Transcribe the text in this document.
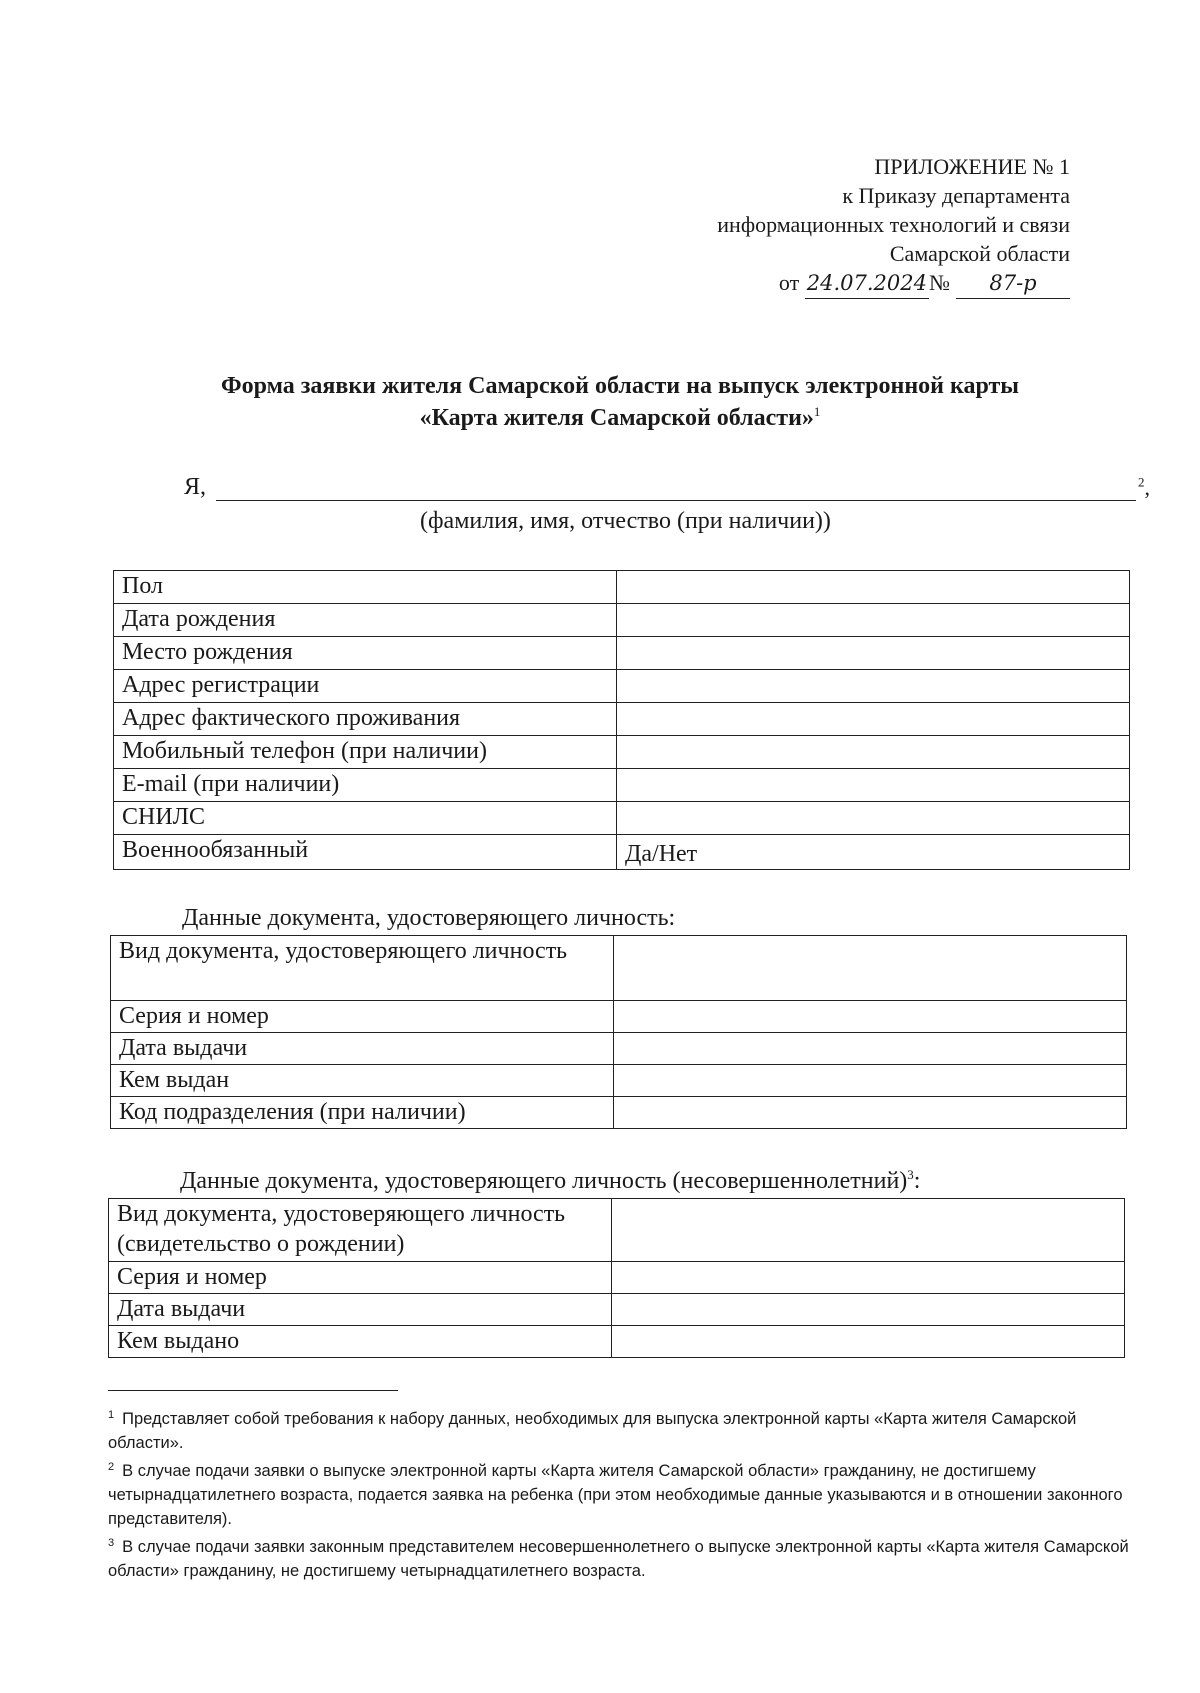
ПРИЛОЖЕНИЕ № 1
к Приказу департамента
информационных технологий и связи
Самарской области
от 24.07.2024№ 87-р
Форма заявки жителя Самарской области на выпуск электронной карты
«Карта жителя Самарской области»$^1$
Я,	$^2$,
(фамилия, имя, отчество (при наличии))
Пол	
Дата рождения	
Место рождения	
Адрес регистрации	
Адрес фактического проживания	
Мобильный телефон (при наличии)	
E-mail (при наличии)	
СНИЛС	
Военнообязанный	Да/Нет
Данные документа, удостоверяющего личность:
Вид документа, удостоверяющего личность	
Серия и номер	
Дата выдачи	
Кем выдан	
Код подразделения (при наличии)	
Данные документа, удостоверяющего личность (несовершеннолетний)$^3$:
Вид документа, удостоверяющего личность (свидетельство о рождении)	
Серия и номер	
Дата выдачи	
Кем выдано	

$^1$ Представляет собой требования к набору данных, необходимых для выпуска электронной карты «Карта жителя Самарской области».

$^2$ В случае подачи заявки о выпуске электронной карты «Карта жителя Самарской области» гражданину, не достигшему четырнадцатилетнего возраста, подается заявка на ребенка (при этом необходимые данные указываются и в отношении законного представителя).

$^3$ В случае подачи заявки законным представителем несовершеннолетнего о выпуске электронной карты «Карта жителя Самарской области» гражданину, не достигшему четырнадцатилетнего возраста.
